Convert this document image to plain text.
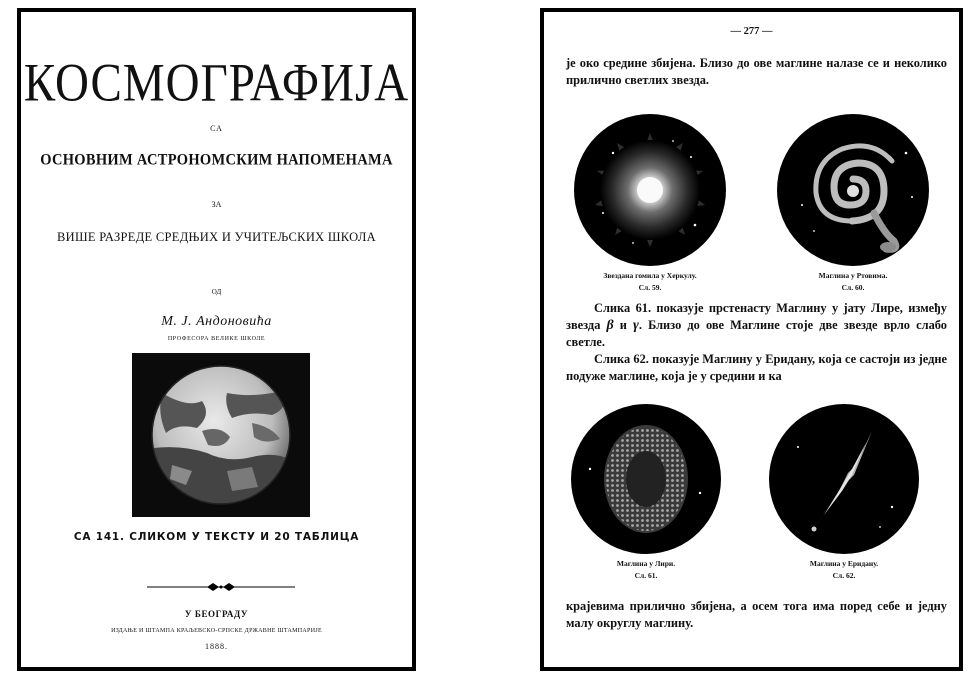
КОСМОГРАФИЈА
СА
ОСНОВНИМ АСТРОНОМСКИМ НАПОМЕНАМА
ЗА
ВИШЕ РАЗРЕДЕ СРЕДЊИХ И УЧИТЕЉСКИХ ШКОЛА
ОД
М. Ј. Андоновића
ПРОФЕСОРА ВЕЛИКЕ ШКОЛЕ
СА 141. СЛИКОМ У ТЕКСТУ И 20 ТАБЛИЦА
У БЕОГРАДУ
ИЗДАЊЕ И ШТАМПА КРАЉЕВСКО-СРПСКЕ ДРЖАВНЕ ШТАМПАРИЈЕ
1888.
— 277 —

је око средине збијена. Близо до ове маглине налазе се и неколико прилично светлих звезда.

Звездана гомила у Херкулу.
Сл. 59.
Маглина у Ртовима.
Сл. 60.

Слика 61. показује прстенасту Маглину у јату Лире, између звезда β и γ. Близо до ове Маглине стоје две звезде врло слабо светле.

Слика 62. показује Маглину у Еридану, која се састоји из једне подуже маглине, која је у средини и ка

Маглина у Лири.
Сл. 61.
Маглина у Еридану.
Сл. 62.

крајевима прилично збијена, а осем тога има поред себе и једну малу округлу маглину.
